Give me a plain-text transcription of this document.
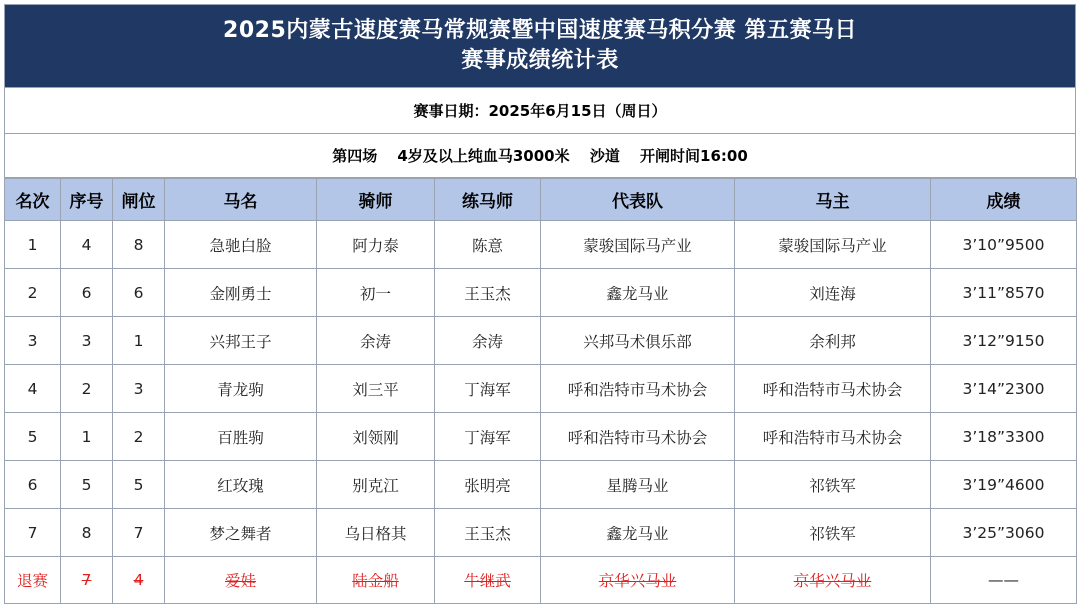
2025内蒙古速度赛马常规赛暨中国速度赛马积分赛 第五赛马日
赛事成绩统计表
赛事日期：2025年6月15日（周日）
第四场　 4岁及以上纯血马3000米　 沙道　 开闸时间16:00
名次	序号	闸位	马名	骑师	练马师	代表队	马主	成绩
1	4	8	急驰白脸	阿力泰	陈意	蒙骏国际马产业	蒙骏国际马产业	3’10”9500
2	6	6	金刚勇士	初一	王玉杰	鑫龙马业	刘连海	3’11”8570
3	3	1	兴邦王子	余涛	余涛	兴邦马术俱乐部	余利邦	3’12”9150
4	2	3	青龙驹	刘三平	丁海军	呼和浩特市马术协会	呼和浩特市马术协会	3’14”2300
5	1	2	百胜驹	刘领刚	丁海军	呼和浩特市马术协会	呼和浩特市马术协会	3’18”3300
6	5	5	红玫瑰	别克江	张明亮	星腾马业	祁铁军	3’19”4600
7	8	7	梦之舞者	乌日格其	王玉杰	鑫龙马业	祁铁军	3’25”3060
退赛	7	4	爱娃	陆金船	牛继武	京华兴马业	京华兴马业	——
